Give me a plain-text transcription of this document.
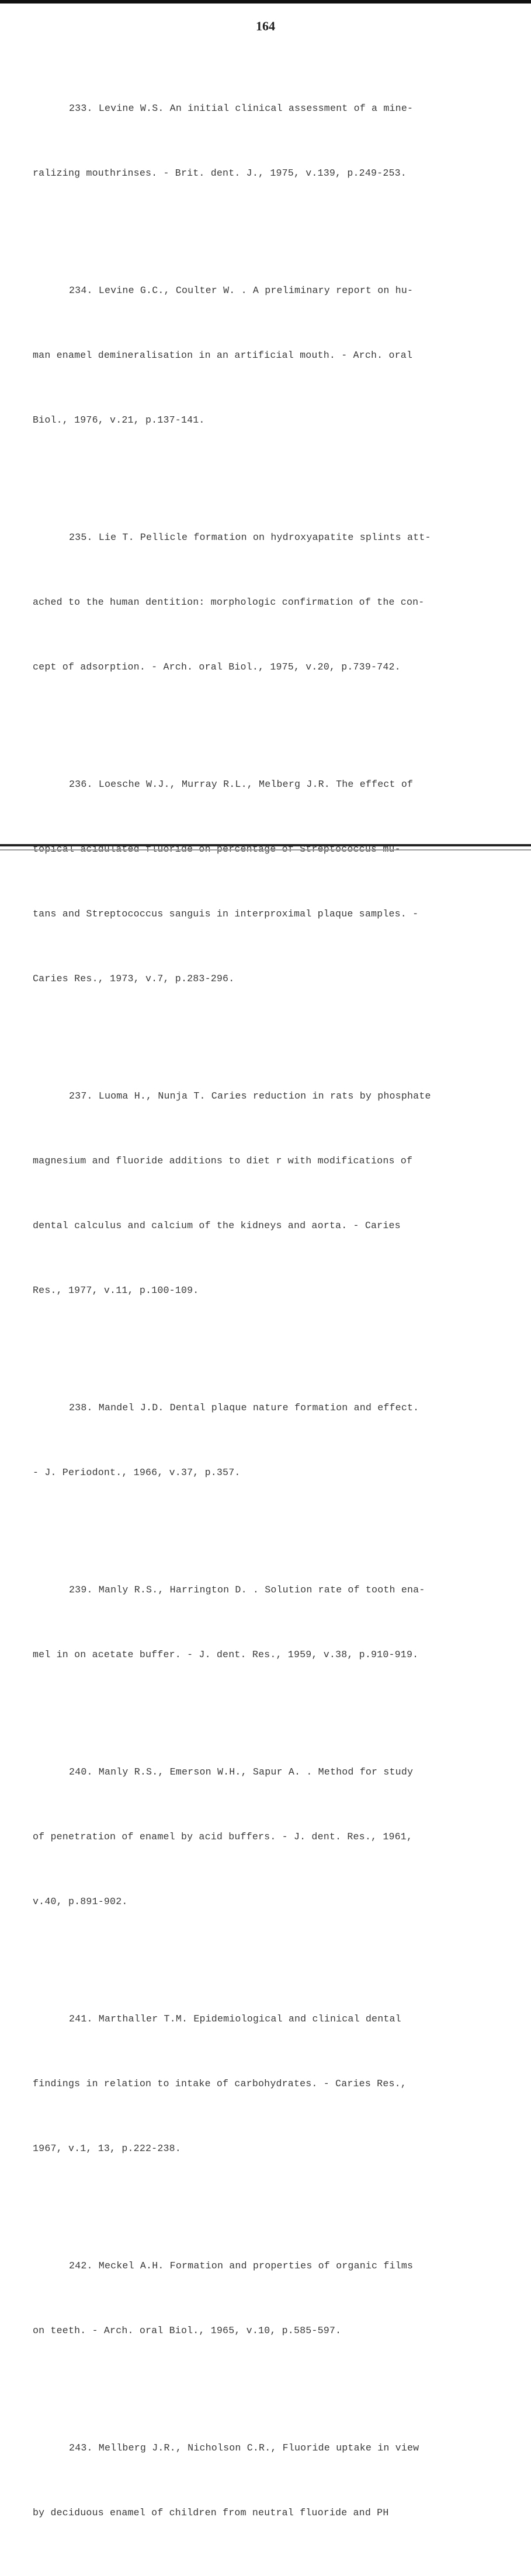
164

233. Levine W.S. An initial clinical assessment of a mine-

ralizing mouthrinses. - Brit. dent. J., 1975, v.139, p.249-253.

234. Levine G.C., Coulter W. . A preliminary report on hu-

man enamel demineralisation in an artificial mouth. - Arch. oral

Biol., 1976, v.21, p.137-141.

235. Lie T. Pellicle formation on hydroxyapatite splints att-

ached to the human dentition: morphologic confirmation of the con-

cept of adsorption. - Arch. oral Biol., 1975, v.20, p.739-742.

236. Loesche W.J., Murray R.L., Melberg J.R. The effect of

tans and Streptococcus sanguis in interproximal plaque samples. -

Caries Res., 1973, v.7, p.283-296.

237. Luoma H., Nunja T. Caries reduction in rats by phosphate

magnesium and fluoride additions to diet r with modifications of

dental calculus and calcium of the kidneys and aorta. - Caries

Res., 1977, v.11, p.100-109.

238. Mandel J.D. Dental plaque nature formation and effect.

- J. Periodont., 1966, v.37, p.357.

239. Manly R.S., Harrington D. . Solution rate of tooth ena-

mel in on acetate buffer. - J. dent. Res., 1959, v.38, p.910-919.

240. Manly R.S., Emerson W.H., Sapur A. . Method for study

of penetration of enamel by acid buffers. - J. dent. Res., 1961,

v.40, p.891-902.

241. Marthaller T.M. Epidemiological and clinical dental

findings in relation to intake of carbohydrates. - Caries Res.,

1967, v.1, 13, p.222-238.

242. Meckel A.H. Formation and properties of organic films

on teeth. - Arch. oral Biol., 1965, v.10, p.585-597.

243. Mellberg J.R., Nicholson C.R., Fluoride uptake in view

by deciduous enamel of children from neutral fluoride and PH
